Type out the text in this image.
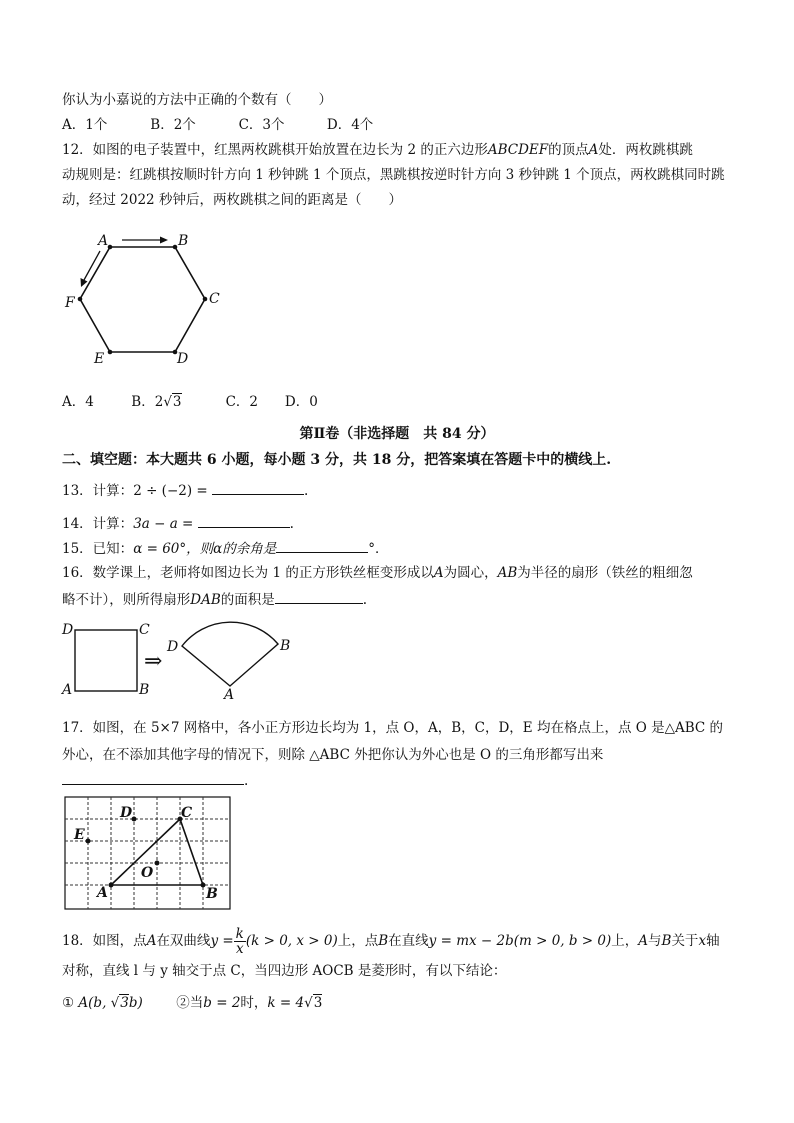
你认为小嘉说的方法中正确的个数有（　　）
A．1个	B．2个	C．3个	D．4个
12．如图的电子装置中，红黑两枚跳棋开始放置在边长为 2 的正六边形ABCDEF的顶点A处．两枚跳棋跳
动规则是：红跳棋按顺时针方向 1 秒钟跳 1 个顶点，黑跳棋按逆时针方向 3 秒钟跳 1 个顶点，两枚跳棋同时跳
动，经过 2022 秒钟后，两枚跳棋之间的距离是（　　）
A	B
C
D
E
F
A．4	B．2√3	C．2 D．0
第Ⅱ卷（非选择题　共 84 分）
二、填空题：本大题共 6 小题，每小题 3 分，共 18 分，把答案填在答题卡中的横线上.
13．计算：2 ÷ (−2) =	.
14．计算：3a − a =	.
15．已知：α = 60°，则α的余角是	°．
16．数学课上，老师将如图边长为 1 的正方形铁丝框变形成以A为圆心，AB为半径的扇形（铁丝的粗细忽
略不计），则所得扇形DAB的面积是	.
D	C
A	B
⇒
D	B
A
17．如图，在 5×7 网格中，各小正方形边长均为 1，点 O，A，B，C，D，E 均在格点上，点 O 是△ABC 的
外心，在不添加其他字母的情况下，则除 △ABC 外把你认为外心也是 O 的三角形都写出来
.
A	B
C
D
E
O
18．如图，点A在双曲线$y = \frac{k}{x} (k > 0$, x > 0)上，点B在直线y = mx − 2b(m > 0, b > 0)上，A与B关于x轴
对称，直线 l 与 y 轴交于点 C，当四边形 AOCB 是菱形时，有以下结论：
① A(b, √3b) ②当b = 2时，k = 4√3
